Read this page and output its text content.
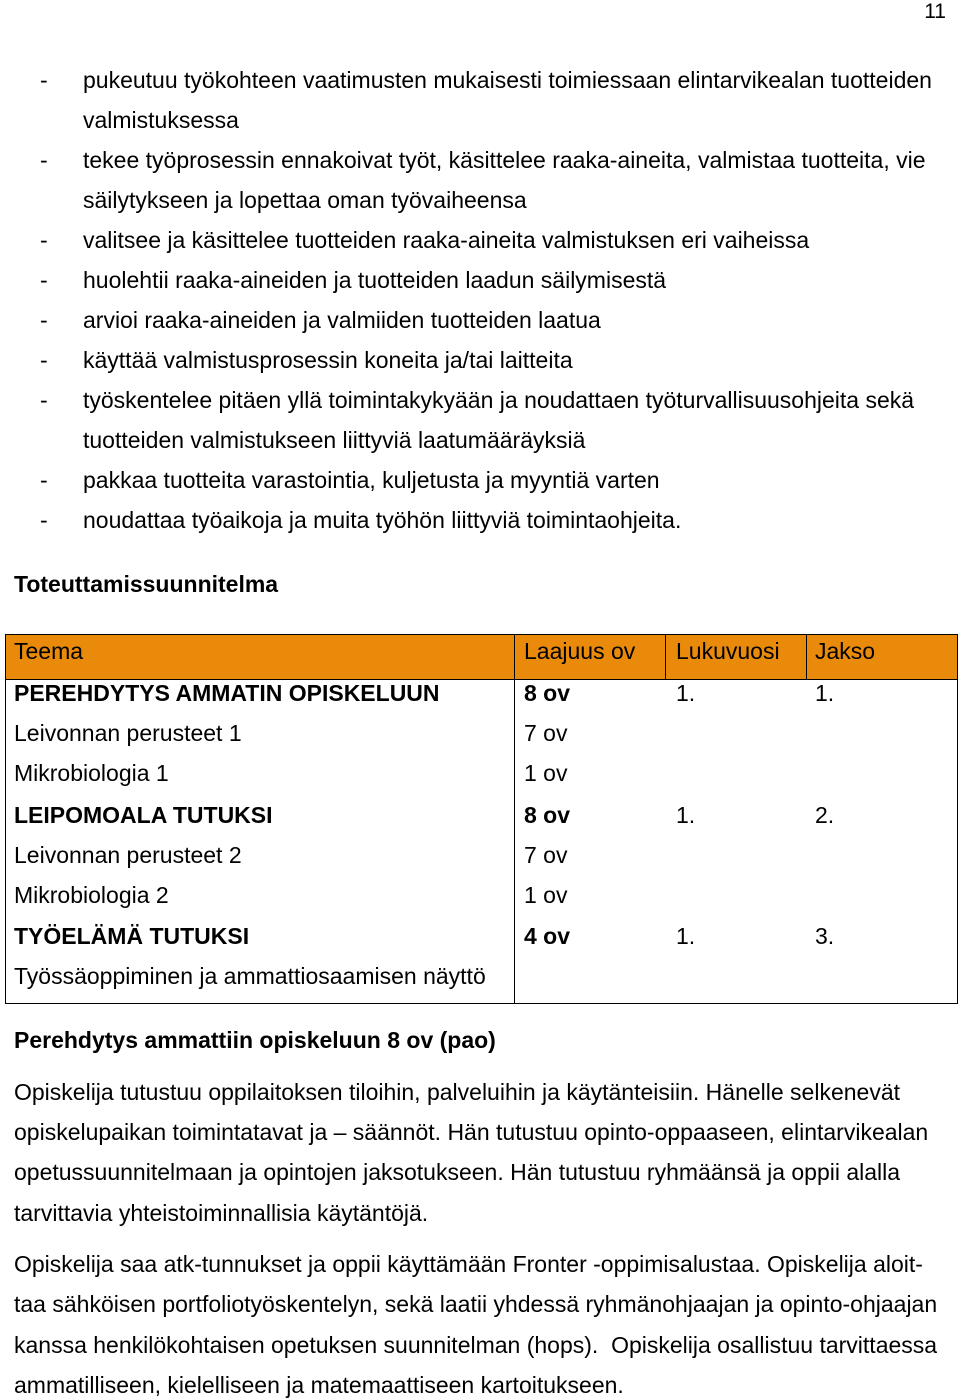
11
- pukeutuu työkohteen vaatimusten mukaisesti toimiessaan elintarvikealan tuotteiden
valmistuksessa
- tekee työprosessin ennakoivat työt, käsittelee raaka-aineita, valmistaa tuotteita, vie
säilytykseen ja lopettaa oman työvaiheensa
- valitsee ja käsittelee tuotteiden raaka-aineita valmistuksen eri vaiheissa
- huolehtii raaka-aineiden ja tuotteiden laadun säilymisestä
- arvioi raaka-aineiden ja valmiiden tuotteiden laatua
- käyttää valmistusprosessin koneita ja/tai laitteita
- työskentelee pitäen yllä toimintakykyään ja noudattaen työturvallisuusohjeita sekä
tuotteiden valmistukseen liittyviä laatumääräyksiä
- pakkaa tuotteita varastointia, kuljetusta ja myyntiä varten
- noudattaa työaikoja ja muita työhön liittyviä toimintaohjeita.
Toteuttamissuunnitelma
Teema	Laajuus ov	Lukuvuosi	Jakso
PEREHDYTYS AMMATIN OPISKELUUN	8 ov	1.	1.
Leivonnan perusteet 1	7 ov
Mikrobiologia 1	1 ov
LEIPOMOALA TUTUKSI	8 ov	1.	2.
Leivonnan perusteet 2	7 ov
Mikrobiologia 2	1 ov
TYÖELÄMÄ TUTUKSI	4 ov	1.	3.
Työssäoppiminen ja ammattiosaamisen näyttö
Perehdytys ammattiin opiskeluun 8 ov (pao)
Opiskelija tutustuu oppilaitoksen tiloihin, palveluihin ja käytänteisiin. Hänelle selkenevät
opiskelupaikan toimintatavat ja – säännöt. Hän tutustuu opinto-oppaaseen, elintarvikealan
opetussuunnitelmaan ja opintojen jaksotukseen. Hän tutustuu ryhmäänsä ja oppii alalla
tarvittavia yhteistoiminnallisia käytäntöjä.
Opiskelija saa atk-tunnukset ja oppii käyttämään Fronter -oppimisalustaa. Opiskelija aloit-
taa sähköisen portfoliotyöskentelyn, sekä laatii yhdessä ryhmänohjaajan ja opinto-ohjaajan
kanssa henkilökohtaisen opetuksen suunnitelman (hops).  Opiskelija osallistuu tarvittaessa
ammatilliseen, kielelliseen ja matemaattiseen kartoitukseen.
